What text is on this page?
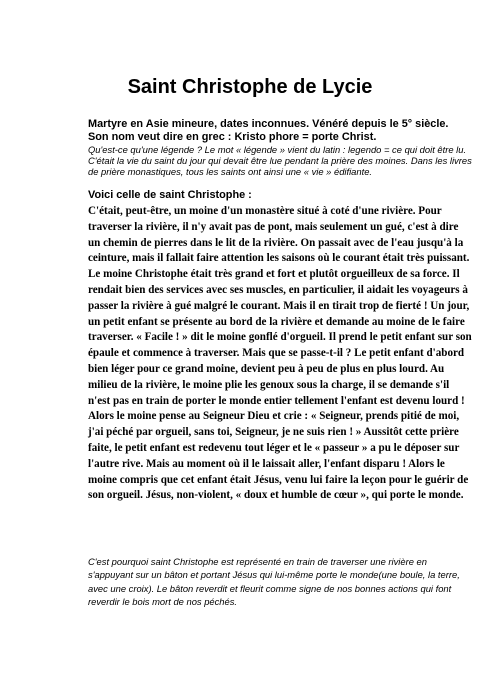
Saint Christophe de Lycie

Martyre en Asie mineure, dates inconnues. Vénéré depuis le 5° siècle. Son nom veut dire en grec : Kristo phore = porte Christ.

Qu'est-ce qu'une légende ? Le mot « légende » vient du latin : legendo = ce qui doit être lu. C'était la vie du saint du jour qui devait être lue pendant la prière des moines. Dans les livres de prière monastiques, tous les saints ont ainsi une « vie » édifiante.

Voici celle de saint Christophe :

C'était, peut-être, un moine d'un monastère situé à coté d'une rivière. Pour traverser la rivière, il n'y avait pas de pont, mais seulement un gué, c'est à dire un chemin de pierres dans le lit de la rivière. On passait avec de l'eau jusqu'à la ceinture, mais il fallait faire attention les saisons où le courant était très puissant. Le moine Christophe était très grand et fort et plutôt orgueilleux de sa force. Il rendait bien des services avec ses muscles, en particulier, il aidait les voyageurs à passer la rivière à gué malgré le courant. Mais il en tirait trop de fierté ! Un jour, un petit enfant se présente au bord de la rivière et demande au moine de le faire traverser. « Facile ! » dit le moine gonflé d'orgueil. Il prend le petit enfant sur son épaule et commence à traverser. Mais que se passe-t-il ? Le petit enfant d'abord bien léger pour ce grand moine, devient peu à peu de plus en plus lourd. Au milieu de la rivière, le moine plie les genoux sous la charge, il se demande s'il n'est pas en train de porter le monde entier tellement l'enfant est devenu lourd ! Alors le moine pense au Seigneur Dieu et crie : « Seigneur, prends pitié de moi, j'ai péché par orgueil, sans toi, Seigneur, je ne suis rien ! » Aussitôt cette prière faite, le petit enfant est redevenu tout léger et le « passeur » a pu le déposer sur l'autre rive. Mais au moment où il le laissait aller, l'enfant disparu ! Alors le moine compris que cet enfant était Jésus, venu lui faire la leçon pour le guérir de son orgueil. Jésus, non-violent, « doux et humble de cœur », qui porte le monde.

C'est pourquoi saint Christophe est représenté en train de traverser une rivière en s'appuyant sur un bâton et portant Jésus qui lui-même porte le monde(une boule, la terre, avec une croix). Le bâton reverdit et fleurit comme signe de nos bonnes actions qui font reverdir le bois mort de nos péchés.
